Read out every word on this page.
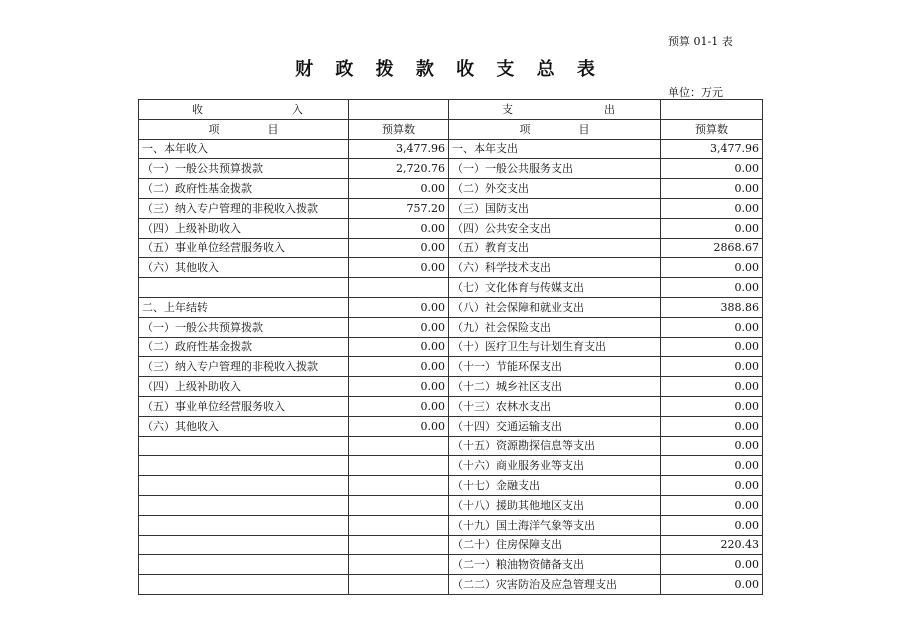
预算 01-1 表
财 政 拨 款 收 支 总 表
单位：万元
收 入		支 出	

项 目	预算数	项 目	预算数
一、本年收入	3,477.96	一、本年支出	3,477.96
（一）一般公共预算拨款	2,720.76	（一）一般公共服务支出	0.00
（二）政府性基金拨款	0.00	（二）外交支出	0.00
（三）纳入专户管理的非税收入拨款	757.20	（三）国防支出	0.00
（四）上级补助收入	0.00	（四）公共安全支出	0.00
（五）事业单位经营服务收入	0.00	（五）教育支出	2868.67
（六）其他收入	0.00	（六）科学技术支出	0.00
		（七）文化体育与传媒支出	0.00
二、上年结转	0.00	（八）社会保障和就业支出	388.86
（一）一般公共预算拨款	0.00	（九）社会保险支出	0.00
（二）政府性基金拨款	0.00	（十）医疗卫生与计划生育支出	0.00
（三）纳入专户管理的非税收入拨款	0.00	（十一）节能环保支出	0.00
（四）上级补助收入	0.00	（十二）城乡社区支出	0.00
（五）事业单位经营服务收入	0.00	（十三）农林水支出	0.00
（六）其他收入	0.00	（十四）交通运输支出	0.00
		（十五）资源勘探信息等支出	0.00
		（十六）商业服务业等支出	0.00
		（十七）金融支出	0.00
		（十八）援助其他地区支出	0.00
		（十九）国土海洋气象等支出	0.00
		（二十）住房保障支出	220.43
		（二一）粮油物资储备支出	0.00
		（二二）灾害防治及应急管理支出	0.00
